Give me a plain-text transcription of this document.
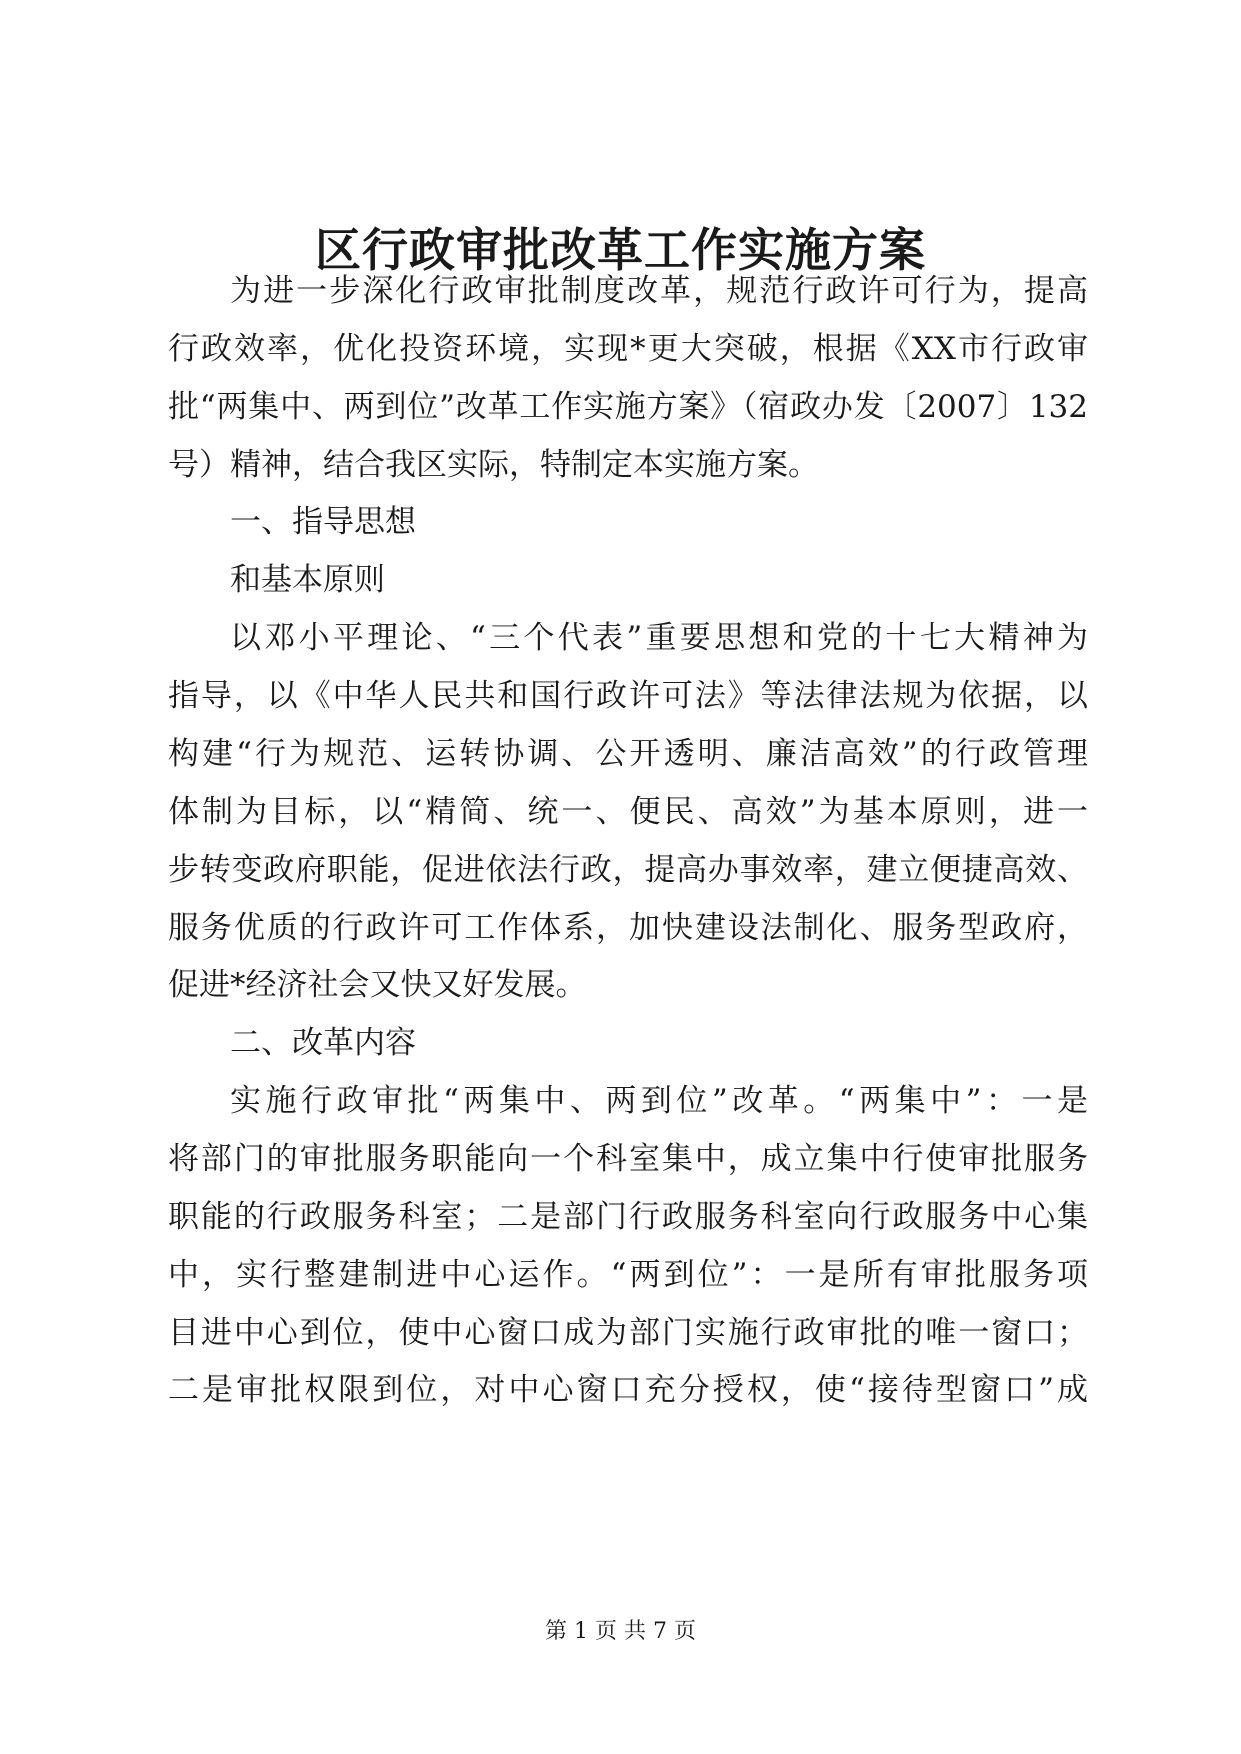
区行政审批改革工作实施方案
为进一步深化行政审批制度改革，规范行政许可行为，提高
行政效率，优化投资环境，实现*更大突破，根据《XX市行政审
批“两集中、两到位”改革工作实施方案》（宿政办发〔2007〕132
号）精神，结合我区实际，特制定本实施方案。
一、指导思想
和基本原则
以邓小平理论、“三个代表”重要思想和党的十七大精神为
指导，以《中华人民共和国行政许可法》等法律法规为依据，以
构建“行为规范、运转协调、公开透明、廉洁高效”的行政管理
体制为目标，以“精简、统一、便民、高效”为基本原则，进一
步转变政府职能，促进依法行政，提高办事效率，建立便捷高效、
服务优质的行政许可工作体系，加快建设法制化、服务型政府，
促进*经济社会又快又好发展。
二、改革内容
实施行政审批“两集中、两到位”改革。“两集中”：一是
将部门的审批服务职能向一个科室集中，成立集中行使审批服务
职能的行政服务科室；二是部门行政服务科室向行政服务中心集
中，实行整建制进中心运作。“两到位”：一是所有审批服务项
目进中心到位，使中心窗口成为部门实施行政审批的唯一窗口；
二是审批权限到位，对中心窗口充分授权，使“接待型窗口”成
第 1 页 共 7 页
